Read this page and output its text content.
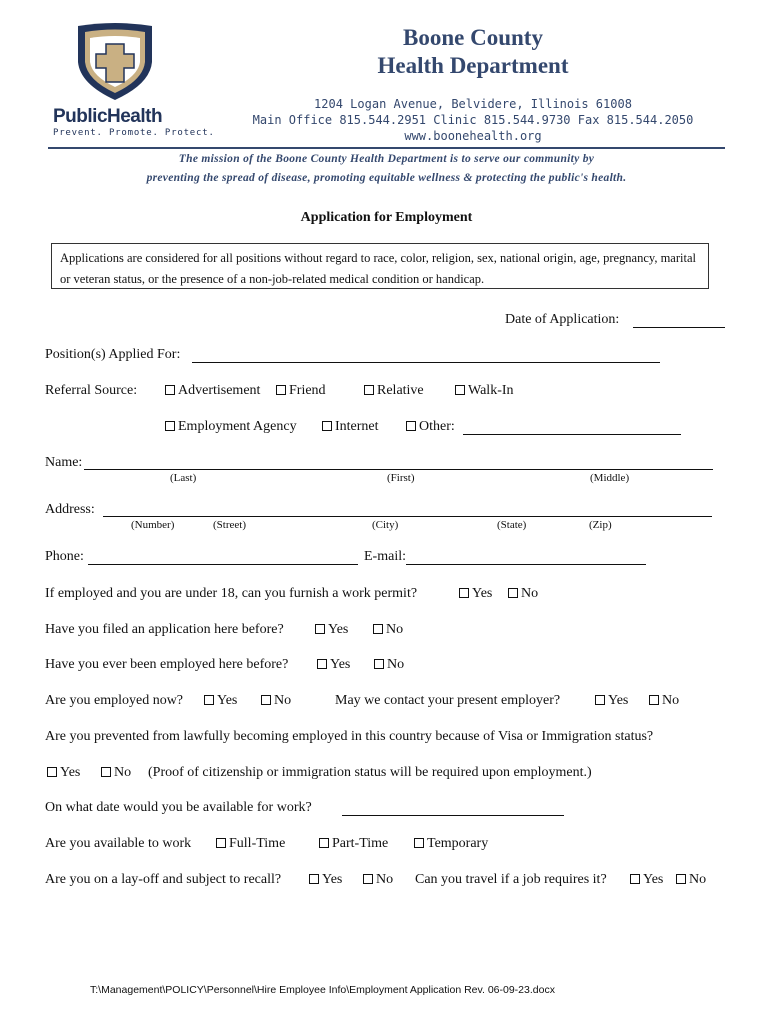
PublicHealth
Prevent. Promote. Protect.
Boone County
Health Department
1204 Logan Avenue, Belvidere, Illinois 61008
Main Office 815.544.2951 Clinic 815.544.9730 Fax 815.544.2050
www.boonehealth.org
The mission of the Boone County Health Department is to serve our community by
preventing the spread of disease, promoting equitable wellness & protecting the public's health.
Application for Employment
Applications are considered for all positions without regard to race, color, religion, sex, national origin, age, pregnancy, marital or veteran status, or the presence of a non-job-related medical condition or handicap.
Date of Application:
Position(s) Applied For:
Referral Source:	Advertisement	Friend	Relative	Walk-In
Employment Agency	Internet	Other:
Name:
(Last)	(First)	(Middle)
Address:
(Number)	(Street)	(City)	(State)	(Zip)
Phone:	E-mail:
If employed and you are under 18, can you furnish a work permit?	Yes	No
Have you filed an application here before?	Yes	No
Have you ever been employed here before?	Yes	No
Are you employed now?	Yes	No	May we contact your present employer?	Yes	No
Are you prevented from lawfully becoming employed in this country because of Visa or Immigration status?
Yes	No (Proof of citizenship or immigration status will be required upon employment.)
On what date would you be available for work?
Are you available to work	Full-Time	Part-Time	Temporary
Are you on a lay-off and subject to recall?	Yes	No Can you travel if a job requires it?	Yes	No
T:\Management\POLICY\Personnel\Hire Employee Info\Employment Application Rev. 06-09-23.docx
